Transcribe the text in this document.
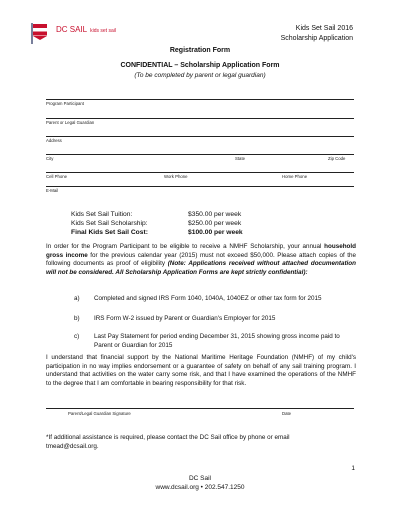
DC SAIL kids set sail	Kids Set Sail 2016
Scholarship Application
Registration Form
CONFIDENTIAL – Scholarship Application Form
(To be completed by parent or legal guardian)
Program Participant
Parent or Legal Guardian
Address
City	State	Zip Code
Cell Phone	Work Phone	Home Phone
E-Mail
Kids Set Sail Tuition:	$350.00 per week
Kids Set Sail Scholarship:	$250.00 per week
Final Kids Set Sail Cost:	$100.00 per week
In order for the Program Participant to be eligible to receive a NMHF Scholarship, your annual household gross income for the previous calendar year (2015) must not exceed $50,000. Please attach copies of the following documents as proof of eligibility (Note: Applications received without attached documentation will not be considered. All Scholarship Application Forms are kept strictly confidential):
a) Completed and signed IRS Form 1040, 1040A, 1040EZ or other tax form for 2015
b) IRS Form W-2 issued by Parent or Guardian's Employer for 2015
c) Last Pay Statement for period ending December 31, 2015 showing gross income paid to Parent or Guardian for 2015
I understand that financial support by the National Maritime Heritage Foundation (NMHF) of my child's participation in no way implies endorsement or a guarantee of safety on behalf of any sail training program. I understand that activities on the water carry some risk, and that I have examined the operations of the NMHF to the degree that I am comfortable in bearing responsibility for that risk.
Parent/Legal Guardian Signature	Date
*If additional assistance is required, please contact the DC Sail office by phone or email tmead@dcsail.org.
1
DC Sail
www.dcsail.org • 202.547.1250
